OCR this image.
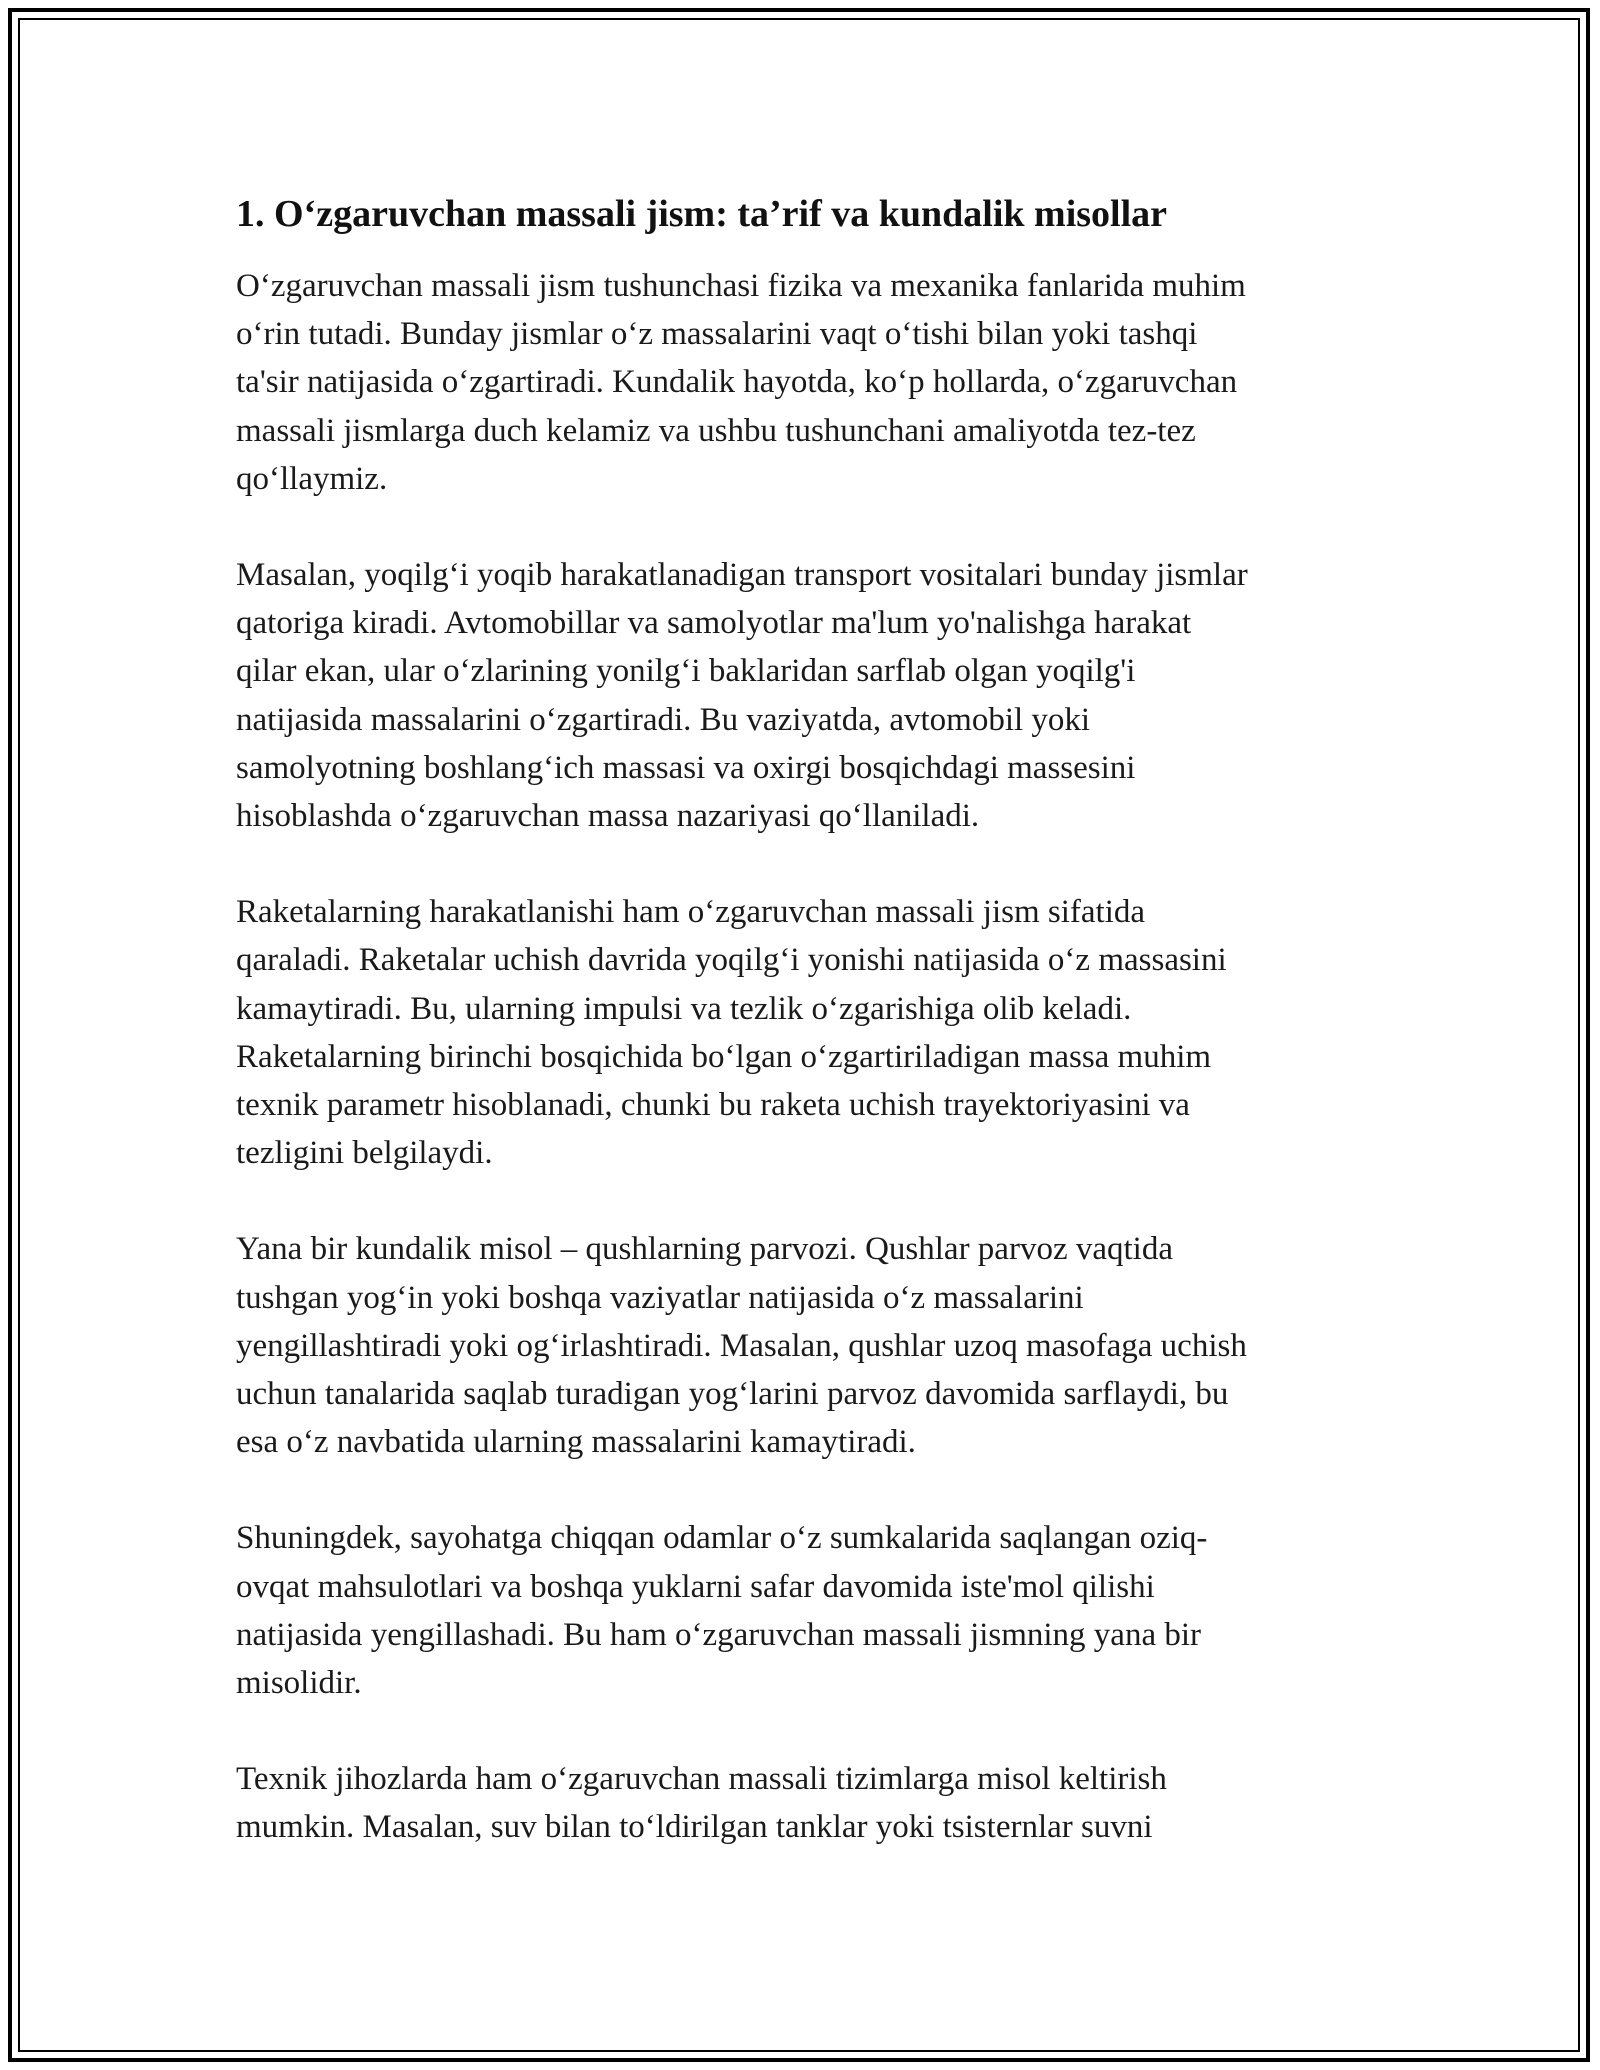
1. O‘zgaruvchan massali jism: ta’rif va kundalik misollar

O‘zgaruvchan massali jism tushunchasi fizika va mexanika fanlarida muhim
o‘rin tutadi. Bunday jismlar o‘z massalarini vaqt o‘tishi bilan yoki tashqi
ta'sir natijasida o‘zgartiradi. Kundalik hayotda, ko‘p hollarda, o‘zgaruvchan
massali jismlarga duch kelamiz va ushbu tushunchani amaliyotda tez-tez
qo‘llaymiz.

Masalan, yoqilg‘i yoqib harakatlanadigan transport vositalari bunday jismlar
qatoriga kiradi. Avtomobillar va samolyotlar ma'lum yo'nalishga harakat
qilar ekan, ular o‘zlarining yonilg‘i baklaridan sarflab olgan yoqilg'i
natijasida massalarini o‘zgartiradi. Bu vaziyatda, avtomobil yoki
samolyotning boshlang‘ich massasi va oxirgi bosqichdagi massesini
hisoblashda o‘zgaruvchan massa nazariyasi qo‘llaniladi.

Raketalarning harakatlanishi ham o‘zgaruvchan massali jism sifatida
qaraladi. Raketalar uchish davrida yoqilg‘i yonishi natijasida o‘z massasini
kamaytiradi. Bu, ularning impulsi va tezlik o‘zgarishiga olib keladi.
Raketalarning birinchi bosqichida bo‘lgan o‘zgartiriladigan massa muhim
texnik parametr hisoblanadi, chunki bu raketa uchish trayektoriyasini va
tezligini belgilaydi.

Yana bir kundalik misol – qushlarning parvozi. Qushlar parvoz vaqtida
tushgan yog‘in yoki boshqa vaziyatlar natijasida o‘z massalarini
yengillashtiradi yoki og‘irlashtiradi. Masalan, qushlar uzoq masofaga uchish
uchun tanalarida saqlab turadigan yog‘larini parvoz davomida sarflaydi, bu
esa o‘z navbatida ularning massalarini kamaytiradi.

Shuningdek, sayohatga chiqqan odamlar o‘z sumkalarida saqlangan oziq-
ovqat mahsulotlari va boshqa yuklarni safar davomida iste'mol qilishi
natijasida yengillashadi. Bu ham o‘zgaruvchan massali jismning yana bir
misolidir.

Texnik jihozlarda ham o‘zgaruvchan massali tizimlarga misol keltirish
mumkin. Masalan, suv bilan to‘ldirilgan tanklar yoki tsisternlar suvni
